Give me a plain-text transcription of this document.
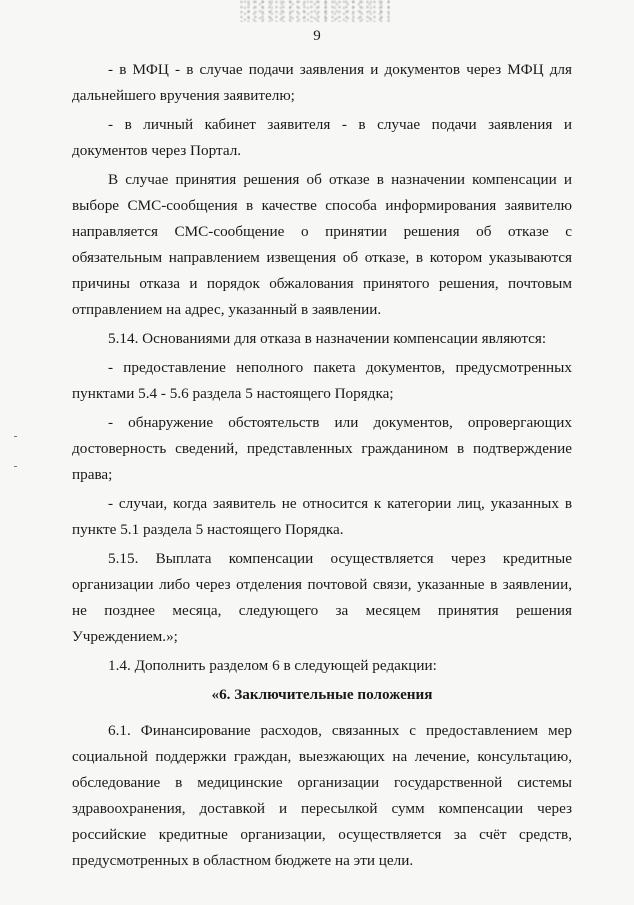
9

- в МФЦ - в случае подачи заявления и документов через МФЦ для дальнейшего вручения заявителю;

- в личный кабинет заявителя - в случае подачи заявления и документов через Портал.

В случае принятия решения об отказе в назначении компенсации и выборе СМС-сообщения в качестве способа информирования заявителю направляется СМС-сообщение о принятии решения об отказе с обязательным направлением извещения об отказе, в котором указываются причины отказа и порядок обжалования принятого решения, почтовым отправлением на адрес, указанный в заявлении.

5.14. Основаниями для отказа в назначении компенсации являются:

- предоставление неполного пакета документов, предусмотренных пунктами 5.4 - 5.6 раздела 5 настоящего Порядка;

- обнаружение обстоятельств или документов, опровергающих достоверность сведений, представленных гражданином в подтверждение права;

- случаи, когда заявитель не относится к категории лиц, указанных в пункте 5.1 раздела 5 настоящего Порядка.

5.15. Выплата компенсации осуществляется через кредитные организации либо через отделения почтовой связи, указанные в заявлении, не позднее месяца, следующего за месяцем принятия решения Учреждением.»;

1.4. Дополнить разделом 6 в следующей редакции:

«6. Заключительные положения

6.1. Финансирование расходов, связанных с предоставлением мер социальной поддержки граждан, выезжающих на лечение, консультацию, обследование в медицинские организации государственной системы здравоохранения, доставкой и пересылкой сумм компенсации через российские кредитные организации, осуществляется за счёт средств, предусмотренных в областном бюджете на эти цели.
